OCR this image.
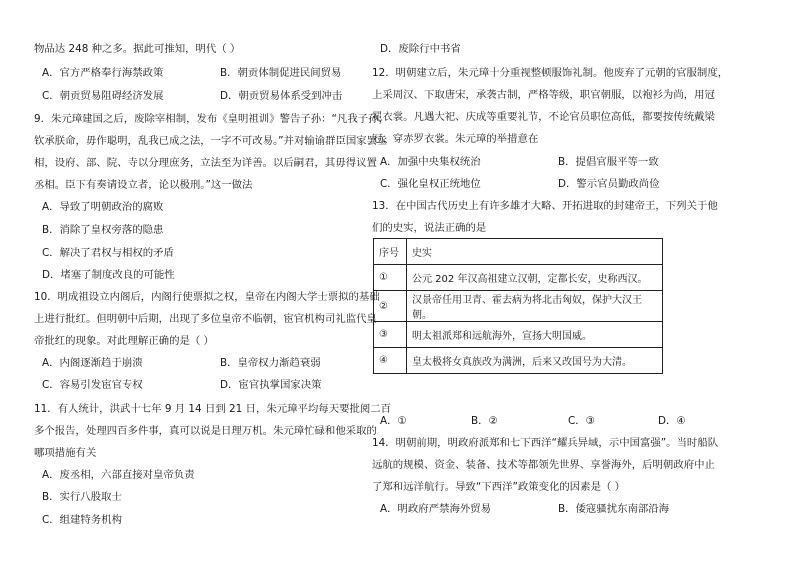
物品达 248 种之多。据此可推知，明代（ ）
A．官方严格奉行海禁政策	B．朝贡体制促进民间贸易
C．朝贡贸易阻碍经济发展	D．朝贡贸易体系受到冲击
9．朱元璋建国之后，废除宰相制，发布《皇明祖训》警告子孙：“凡我子孙，
钦承朕命，毋作聪明，乱我已成之法，一字不可改易。”并对输谕群臣国家罢丞
相，设府、部、院、寺以分理庶务，立法至为详善。以后嗣君，其毋得议置
丞相。臣下有奏请设立者，论以极刑。”这一做法
A．导致了明朝政治的腐败
B．消除了皇权旁落的隐患
C．解决了君权与相权的矛盾
D．堵塞了制度改良的可能性
10．明成祖设立内阁后，内阁行使票拟之权，皇帝在内阁大学士票拟的基础
上进行批红。但明朝中后期，出现了多位皇帝不临朝，宦官机构司礼监代皇
帝批红的现象。对此理解正确的是（ ）
A．内阁逐渐趋于崩溃	B．皇帝权力渐趋衰弱
C．容易引发宦官专权	D．宦官执掌国家决策
11．有人统计，洪武十七年 9 月 14 日到 21 日，朱元璋平均每天要批阅二百
多个报告，处理四百多件事，真可以说是日理万机。朱元璋忙碌和他采取的
哪项措施有关
A．废丞相，六部直接对皇帝负责
B．实行八股取士
C．组建特务机构
D．废除行中书省
12．明朝建立后，朱元璋十分重视整顿服饰礼制。他废弃了元朝的官服制度，
上采周汉、下取唐宋，承袭古制，严格等级，职官朝服，以袍衫为尚，用冠
冕衣裳。凡遇大祀、庆成等重要礼节，不论官员职位高低，都要按传统戴梁
冠，穿赤罗衣裳。朱元璋的举措意在
A．加强中央集权统治	B．提倡官服平等一致
C．强化皇权正统地位	D．警示官员勤政尚俭
13．在中国古代历史上有许多雄才大略、开拓进取的封建帝王，下列关于他
们的史实，说法正确的是
序号	史实
①	公元 202 年汉高祖建立汉朝，定都长安，史称西汉。
②	汉景帝任用卫青、霍去病为将北击匈奴，保护大汉王朝。
③	明太祖派郑和远航海外，宣扬大明国威。
④	皇太极将女真族改为满洲，后来又改国号为大清。
A．①	B．②	C．③	D．④
14．明朝前期，明政府派郑和七下西洋“耀兵异域，示中国富强”。当时船队
远航的规模、资金、装备、技术等都领先世界、享誉海外，后明朝政府中止
了郑和远洋航行。导致“下西洋”政策变化的因素是（ ）
A．明政府严禁海外贸易	B．倭寇骚扰东南部沿海
